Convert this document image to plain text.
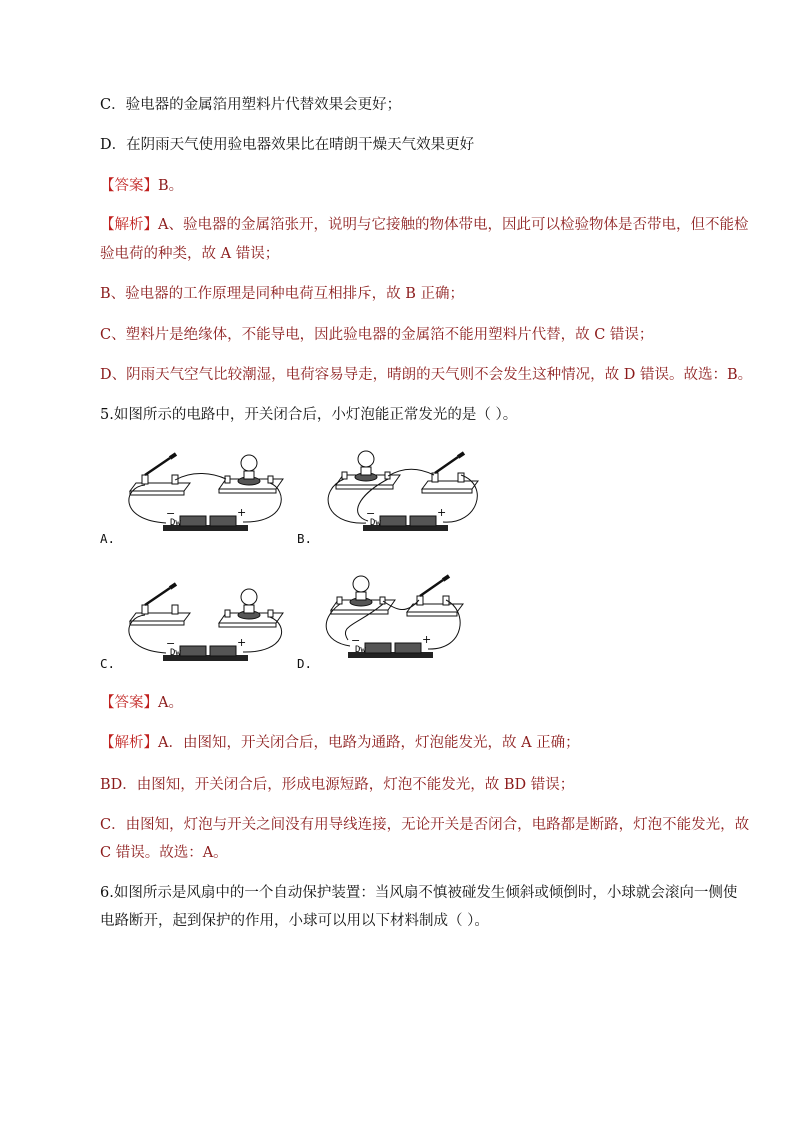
C．验电器的金属箔用塑料片代替效果会更好；
D．在阴雨天气使用验电器效果比在晴朗干燥天气效果更好
【答案】B。
【解析】A、验电器的金属箔张开，说明与它接触的物体带电，因此可以检验物体是否带电，但不能检
验电荷的种类，故 A 错误；
B、验电器的工作原理是同种电荷互相排斥，故 B 正确；
C、塑料片是绝缘体，不能导电，因此验电器的金属箔不能用塑料片代替，故 C 错误；
D、阴雨天气空气比较潮湿，电荷容易导走，晴朗的天气则不会发生这种情况，故 D 错误。故选：B。
5.如图所示的电路中，开关闭合后，小灯泡能正常发光的是（ ）。
Dw
−	+
A.
Dw
−	+
B.
Dw
−	+
C.
Dw
−	+
D.
【答案】A。
【解析】A．由图知，开关闭合后，电路为通路，灯泡能发光，故 A 正确；
BD．由图知，开关闭合后，形成电源短路，灯泡不能发光，故 BD 错误；
C．由图知，灯泡与开关之间没有用导线连接，无论开关是否闭合，电路都是断路，灯泡不能发光，故
C 错误。故选：A。
6.如图所示是风扇中的一个自动保护装置：当风扇不慎被碰发生倾斜或倾倒时，小球就会滚向一侧使
电路断开，起到保护的作用，小球可以用以下材料制成（ ）。
